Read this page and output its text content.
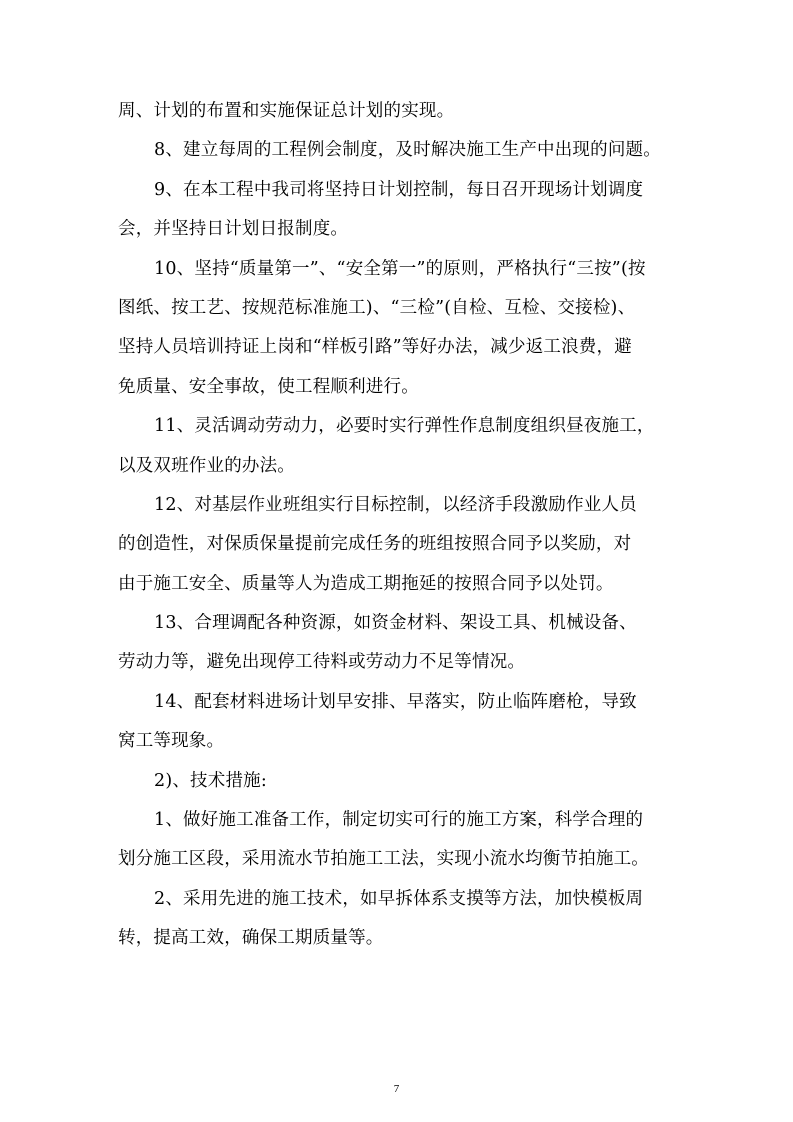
周、计划的布置和实施保证总计划的实现。
8、建立每周的工程例会制度，及时解决施工生产中出现的问题。
9、在本工程中我司将坚持日计划控制，每日召开现场计划调度
会，并坚持日计划日报制度。
10、坚持“质量第一”、“安全第一”的原则，严格执行“三按”(按
图纸、按工艺、按规范标准施工)、“三检”(自检、互检、交接检)、
坚持人员培训持证上岗和“样板引路”等好办法，减少返工浪费，避
免质量、安全事故，使工程顺利进行。
11、灵活调动劳动力，必要时实行弹性作息制度组织昼夜施工，
以及双班作业的办法。
12、对基层作业班组实行目标控制，以经济手段激励作业人员
的创造性，对保质保量提前完成任务的班组按照合同予以奖励，对
由于施工安全、质量等人为造成工期拖延的按照合同予以处罚。
13、合理调配各种资源，如资金材料、架设工具、机械设备、
劳动力等，避免出现停工待料或劳动力不足等情况。
14、配套材料进场计划早安排、早落实，防止临阵磨枪，导致
窝工等现象。
2)、技术措施:
1、做好施工准备工作，制定切实可行的施工方案，科学合理的
划分施工区段，采用流水节拍施工工法，实现小流水均衡节拍施工。
2、采用先进的施工技术，如早拆体系支摸等方法，加快模板周
转，提高工效，确保工期质量等。
7
